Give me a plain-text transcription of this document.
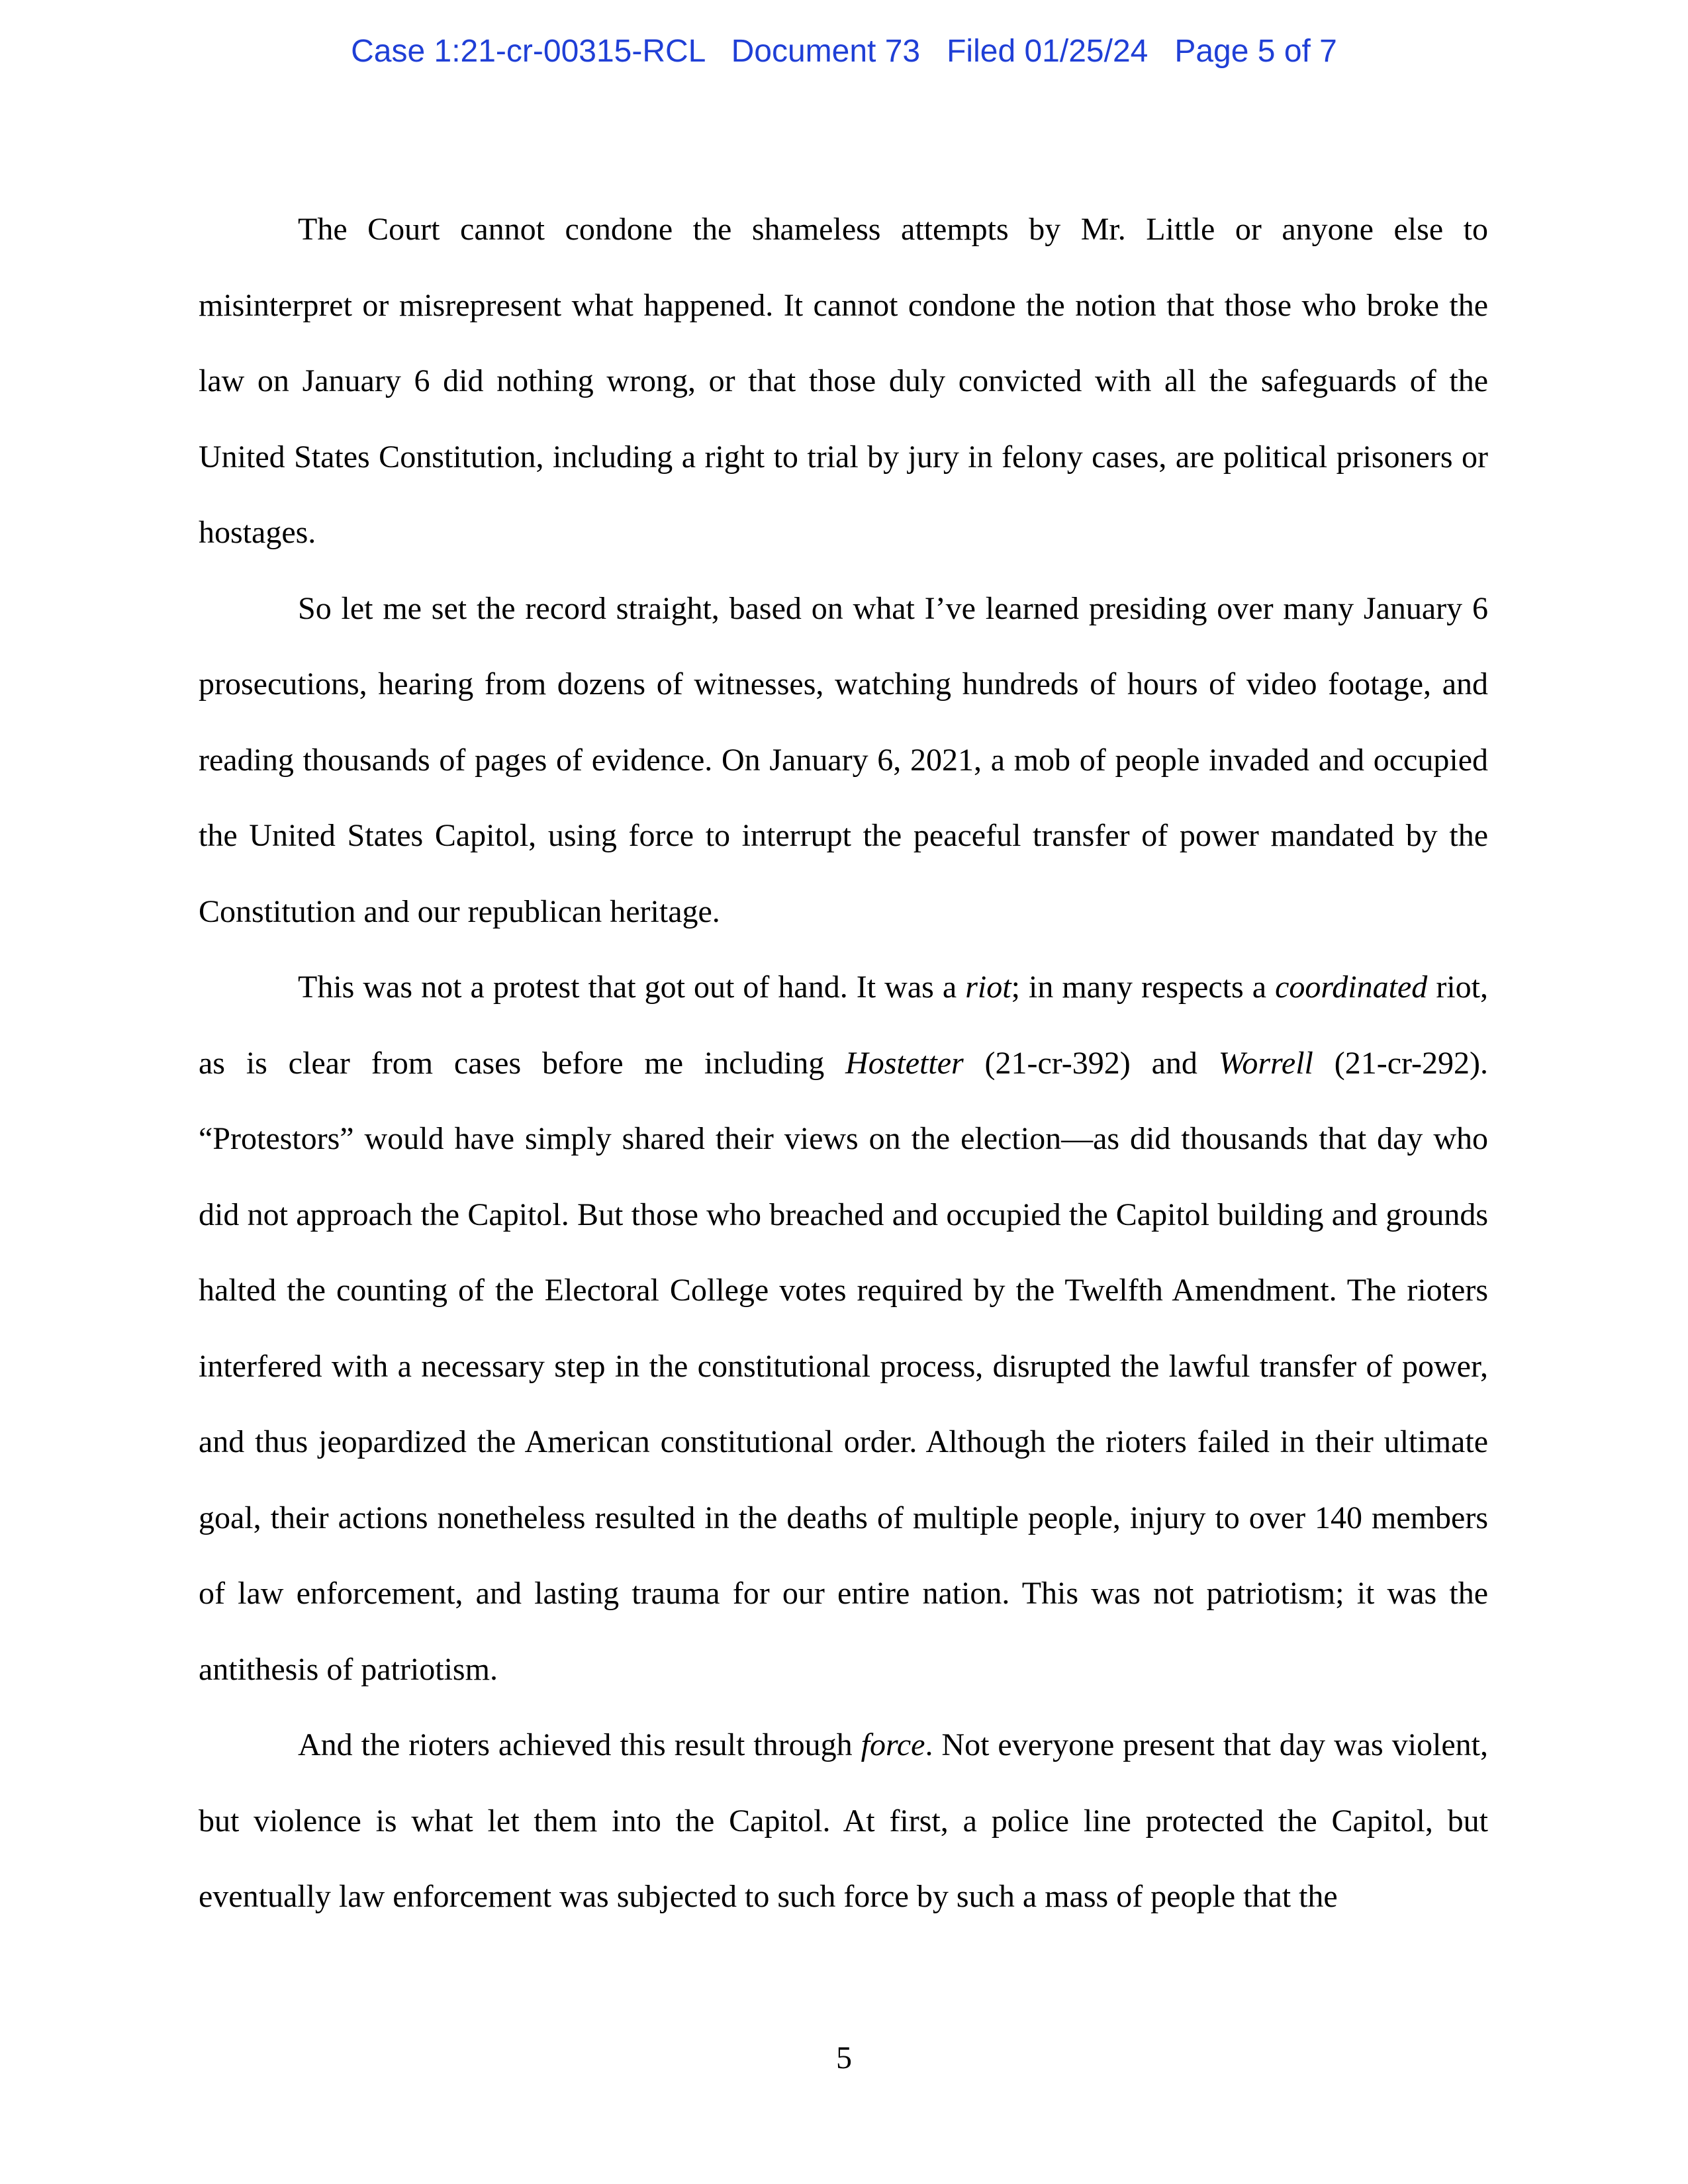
Case 1:21-cr-00315-RCL Document 73 Filed 01/25/24 Page 5 of 7

The Court cannot condone the shameless attempts by Mr. Little or anyone else to misinterpret or misrepresent what happened. It cannot condone the notion that those who broke the law on January 6 did nothing wrong, or that those duly convicted with all the safeguards of the United States Constitution, including a right to trial by jury in felony cases, are political prisoners or hostages.

So let me set the record straight, based on what I’ve learned presiding over many January 6 prosecutions, hearing from dozens of witnesses, watching hundreds of hours of video footage, and reading thousands of pages of evidence. On January 6, 2021, a mob of people invaded and occupied the United States Capitol, using force to interrupt the peaceful transfer of power mandated by the Constitution and our republican heritage.

This was not a protest that got out of hand. It was a riot; in many respects a coordinated riot, as is clear from cases before me including Hostetter (21-cr-392) and Worrell (21-cr-292). “Protestors” would have simply shared their views on the election—as did thousands that day who did not approach the Capitol. But those who breached and occupied the Capitol building and grounds halted the counting of the Electoral College votes required by the Twelfth Amendment. The rioters interfered with a necessary step in the constitutional process, disrupted the lawful transfer of power, and thus jeopardized the American constitutional order. Although the rioters failed in their ultimate goal, their actions nonetheless resulted in the deaths of multiple people, injury to over 140 members of law enforcement, and lasting trauma for our entire nation. This was not patriotism; it was the antithesis of patriotism.

And the rioters achieved this result through force. Not everyone present that day was violent, but violence is what let them into the Capitol. At first, a police line protected the Capitol, but eventually law enforcement was subjected to such force by such a mass of people that the

5
